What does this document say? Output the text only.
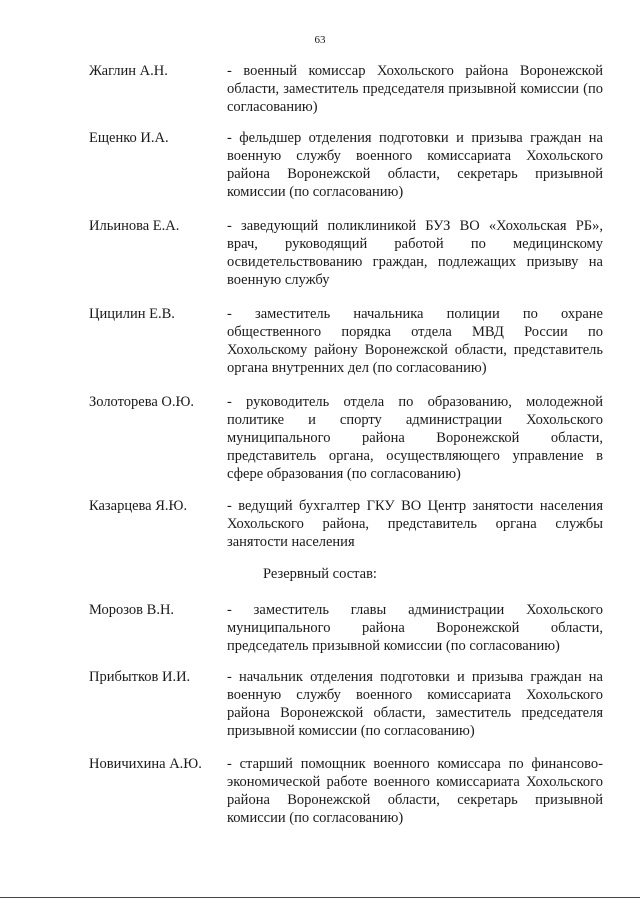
63
Жаглин А.Н.	- военный комиссар Хохольского района Воронежской области, заместитель председателя призывной комиссии (по согласованию)
Ещенко И.А.	- фельдшер отделения подготовки и призыва граждан на военную службу военного комиссариата Хохольского района Воронежской области, секретарь призывной комиссии (по согласованию)
Ильинова Е.А.	- заведующий поликлиникой БУЗ ВО «Хохольская РБ», врач, руководящий работой по медицинскому освидетельствованию граждан, подлежащих призыву на военную службу
Цицилин Е.В.	- заместитель начальника полиции по охране общественного порядка отдела МВД России по Хохольскому району Воронежской области, представитель органа внутренних дел (по согласованию)
Золоторева О.Ю. - руководитель отдела по образованию, молодежной политике и спорту администрации Хохольского муниципального района Воронежской области, представитель органа, осуществляющего управление в сфере образования (по согласованию)
Казарцева Я.Ю.	- ведущий бухгалтер ГКУ ВО Центр занятости населения Хохольского района, представитель органа службы занятости населения
Резервный состав:
Морозов В.Н.	- заместитель главы администрации Хохольского муниципального района Воронежской области, председатель призывной комиссии (по согласованию)
Прибытков И.И.	- начальник отделения подготовки и призыва граждан на военную службу военного комиссариата Хохольского района Воронежской области, заместитель председателя призывной комиссии (по согласованию)
Новичихина А.Ю. - старший помощник военного комиссара по финансово-экономической работе военного комиссариата Хохольского района Воронежской области, секретарь призывной комиссии (по согласованию)
